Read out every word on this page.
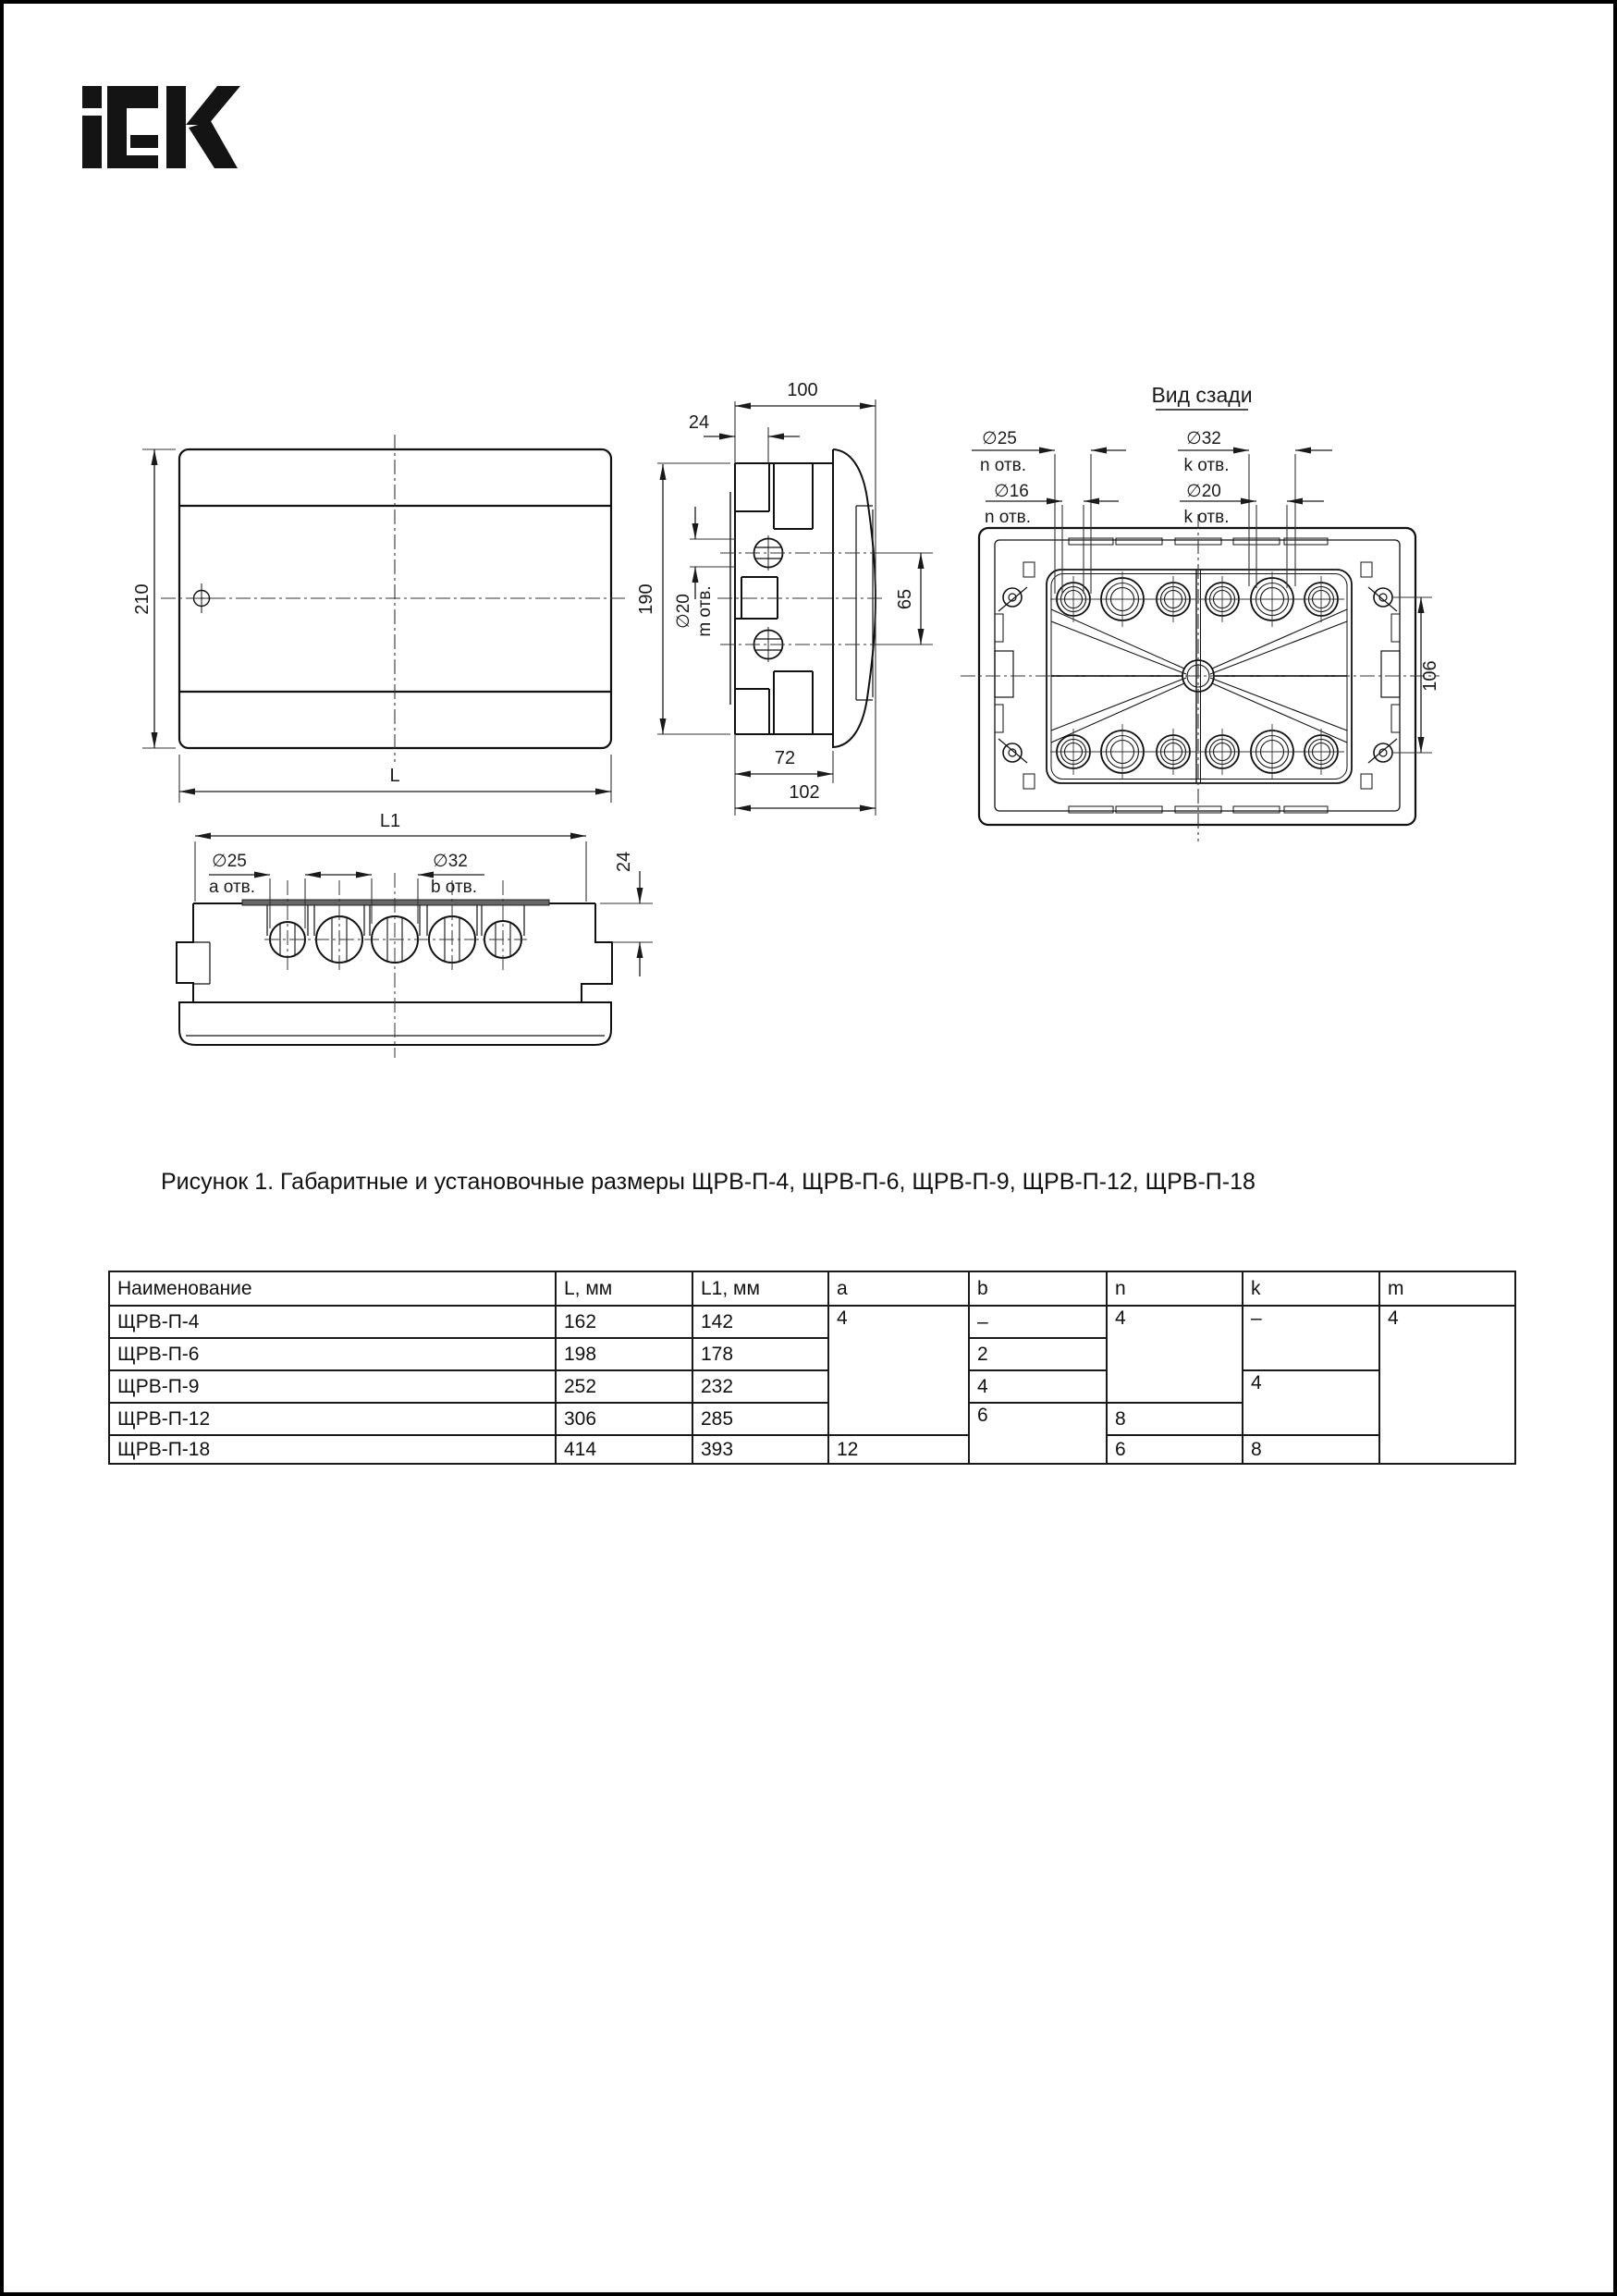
210
L
100
24
190 ∅20 m отв.	65
72
102
Вид сзади
∅25
n отв.
∅16
n отв.
∅32
k отв.
∅20
k отв.
106
L1
∅25
a отв.
∅32
b отв.
24
Рисунок 1. Габаритные и установочные размеры ЩРВ-П-4, ЩРВ-П-6, ЩРВ-П-9, ЩРВ-П-12, ЩРВ-П-18
Наименование	L, мм	L1, мм	a	b	n	k	m
ЩРВ-П-4	162	142	4	–	4	–	4
ЩРВ-П-6	198	178		2			
ЩРВ-П-9	252	232		4		4	
ЩРВ-П-12	306	285		6	8		
ЩРВ-П-18	414	393	12		6	8	
